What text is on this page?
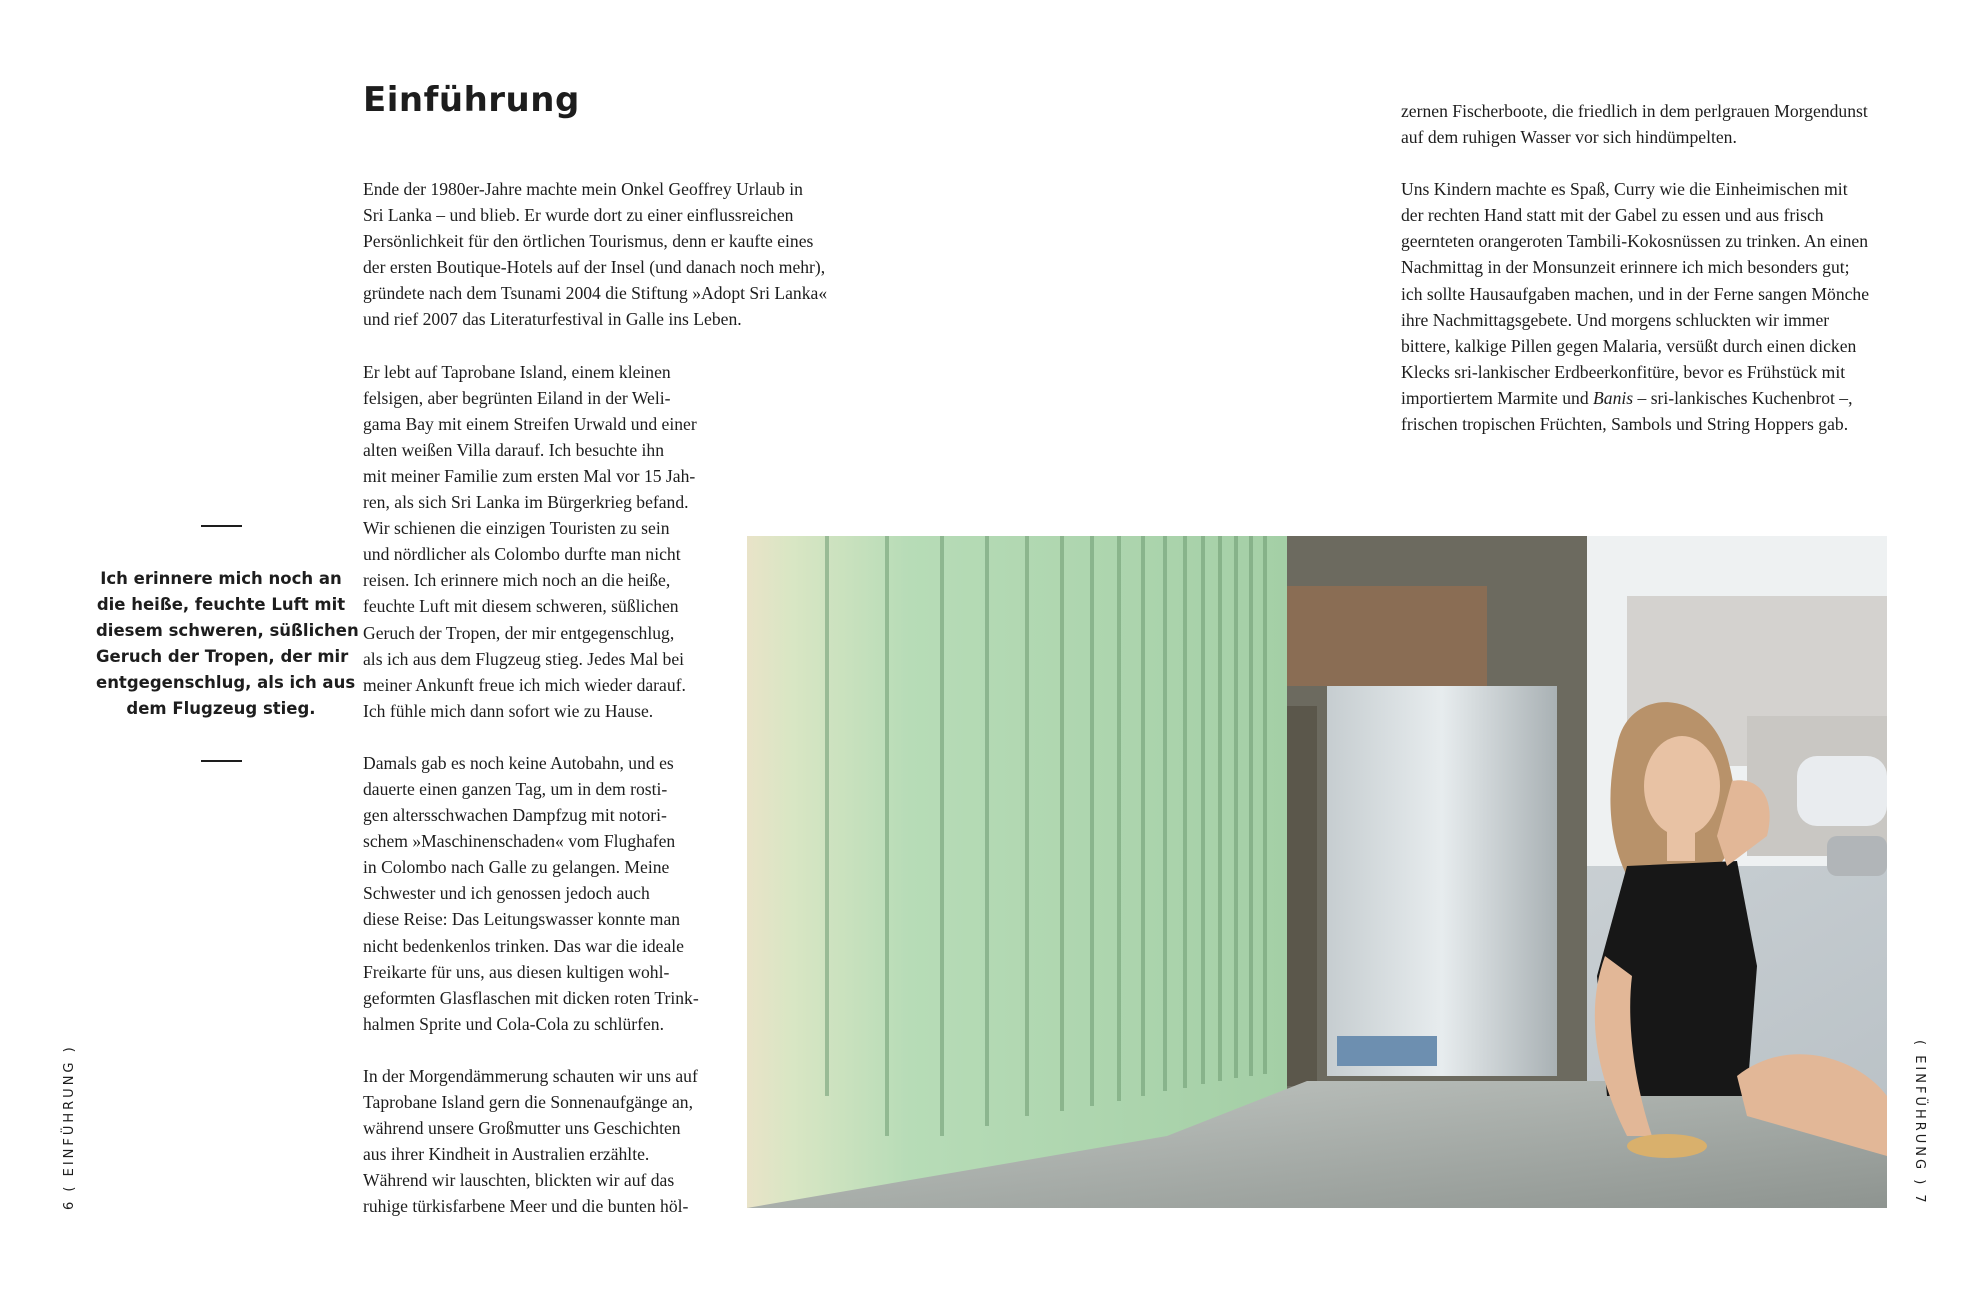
Einführung

Ende der 1980er-Jahre machte mein Onkel Geoffrey Urlaub in
Sri Lanka – und blieb. Er wurde dort zu einer einflussreichen
Persönlichkeit für den örtlichen Tourismus, denn er kaufte eines
der ersten Boutique-Hotels auf der Insel (und danach noch mehr),
gründete nach dem Tsunami 2004 die Stiftung »Adopt Sri Lanka«
und rief 2007 das Literaturfestival in Galle ins Leben.

Er lebt auf Taprobane Island, einem kleinen
felsigen, aber begrünten Eiland in der Weli-
gama Bay mit einem Streifen Urwald und einer
alten weißen Villa darauf. Ich besuchte ihn
mit meiner Familie zum ersten Mal vor 15 Jah-
ren, als sich Sri Lanka im Bürgerkrieg befand.
Wir schienen die einzigen Touristen zu sein
und nördlicher als Colombo durfte man nicht
reisen. Ich erinnere mich noch an die heiße,
feuchte Luft mit diesem schweren, süßlichen
Geruch der Tropen, der mir entgegenschlug,
als ich aus dem Flugzeug stieg. Jedes Mal bei
meiner Ankunft freue ich mich wieder darauf.
Ich fühle mich dann sofort wie zu Hause.

Damals gab es noch keine Autobahn, und es
dauerte einen ganzen Tag, um in dem rosti-
gen altersschwachen Dampfzug mit notori-
schem »Maschinenschaden« vom Flughafen
in Colombo nach Galle zu gelangen. Meine
Schwester und ich genossen jedoch auch
diese Reise: Das Leitungswasser konnte man
nicht bedenkenlos trinken. Das war die ideale
Freikarte für uns, aus diesen kultigen wohl-
geformten Glasflaschen mit dicken roten Trink-
halmen Sprite und Cola-Cola zu schlürfen.

In der Morgendämmerung schauten wir uns auf
Taprobane Island gern die Sonnenaufgänge an,
während unsere Großmutter uns Geschichten
aus ihrer Kindheit in Australien erzählte.
Während wir lauschten, blickten wir auf das
ruhige türkisfarbene Meer und die bunten höl-

zernen Fischerboote, die friedlich in dem perlgrauen Morgendunst
auf dem ruhigen Wasser vor sich hindümpelten.

Uns Kindern machte es Spaß, Curry wie die Einheimischen mit
der rechten Hand statt mit der Gabel zu essen und aus frisch
geernteten orangeroten Tambili-Kokosnüssen zu trinken. An einen
Nachmittag in der Monsunzeit erinnere ich mich besonders gut;
ich sollte Hausaufgaben machen, und in der Ferne sangen Mönche
ihre Nachmittagsgebete. Und morgens schluckten wir immer
bittere, kalkige Pillen gegen Malaria, versüßt durch einen dicken
Klecks sri-lankischer Erdbeerkonfitüre, bevor es Frühstück mit
importiertem Marmite und Banis – sri-lankisches Kuchenbrot –,
frischen tropischen Früchten, Sambols und String Hoppers gab.

Ich erinnere mich noch an
die heiße, feuchte Luft mit
diesem schweren, süßlichen
Geruch der Tropen, der mir
entgegenschlug, als ich aus
dem Flugzeug stieg.
6 ( EINFÜHRUNG )	( EINFÜHRUNG ) 7
